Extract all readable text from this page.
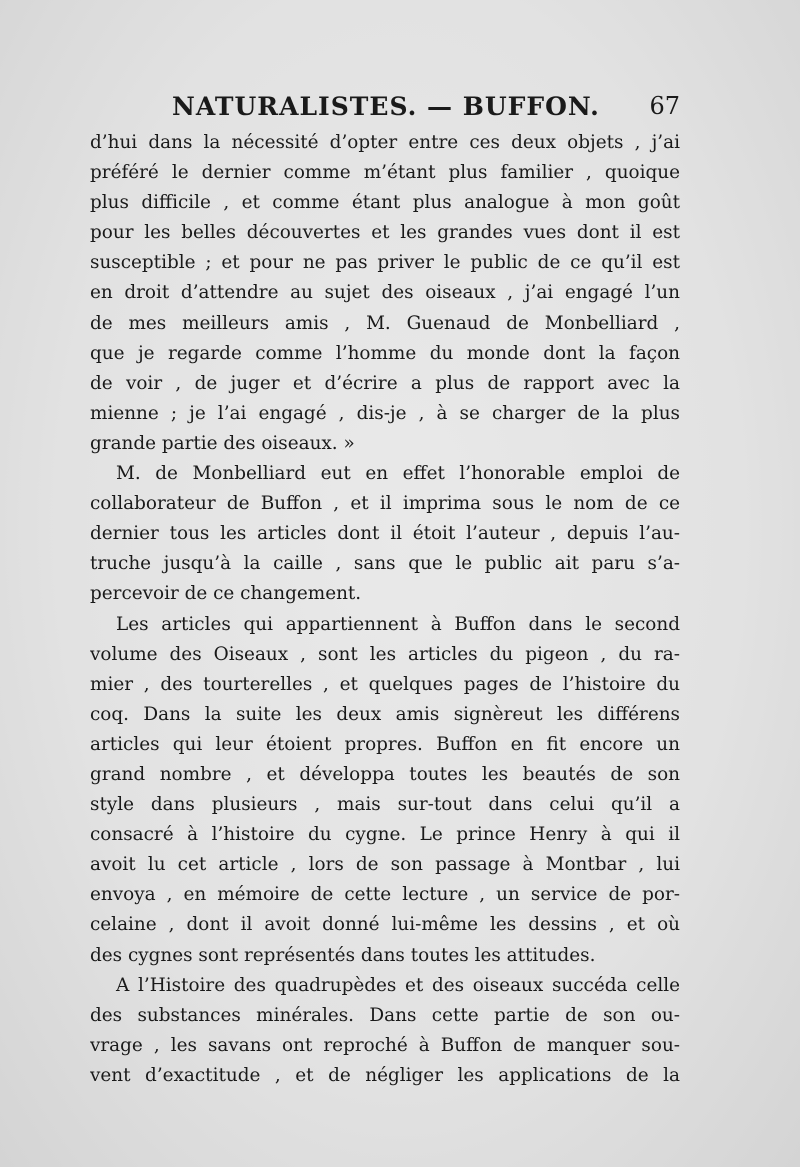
NATURALISTES. — BUFFON. 67
d’hui dans la nécessité d’opter entre ces deux objets , j’ai
préféré le dernier comme m’étant plus familier , quoique
plus difficile , et comme étant plus analogue à mon goût
pour les belles découvertes et les grandes vues dont il est
susceptible ; et pour ne pas priver le public de ce qu’il est
en droit d’attendre au sujet des oiseaux , j’ai engagé l’un
de mes meilleurs amis , M. Guenaud de Monbelliard ,
que je regarde comme l’homme du monde dont la façon
de voir , de juger et d’écrire a plus de rapport avec la
mienne ; je l’ai engagé , dis-je , à se charger de la plus
grande partie des oiseaux. »
M. de Monbelliard eut en effet l’honorable emploi de
collaborateur de Buffon , et il imprima sous le nom de ce
dernier tous les articles dont il étoit l’auteur , depuis l’au-
truche jusqu’à la caille , sans que le public ait paru s’a-
percevoir de ce changement.
Les articles qui appartiennent à Buffon dans le second
volume des Oiseaux , sont les articles du pigeon , du ra-
mier , des tourterelles , et quelques pages de l’histoire du
coq. Dans la suite les deux amis signèreut les différens
articles qui leur étoient propres. Buffon en fit encore un
grand nombre , et développa toutes les beautés de son
style dans plusieurs , mais sur-tout dans celui qu’il a
consacré à l’histoire du cygne. Le prince Henry à qui il
avoit lu cet article , lors de son passage à Montbar , lui
envoya , en mémoire de cette lecture , un service de por-
celaine , dont il avoit donné lui-même les dessins , et où
des cygnes sont représentés dans toutes les attitudes.
A l’Histoire des quadrupèdes et des oiseaux succéda celle
des substances minérales. Dans cette partie de son ou-
vrage , les savans ont reproché à Buffon de manquer sou-
vent d’exactitude , et de négliger les applications de la
